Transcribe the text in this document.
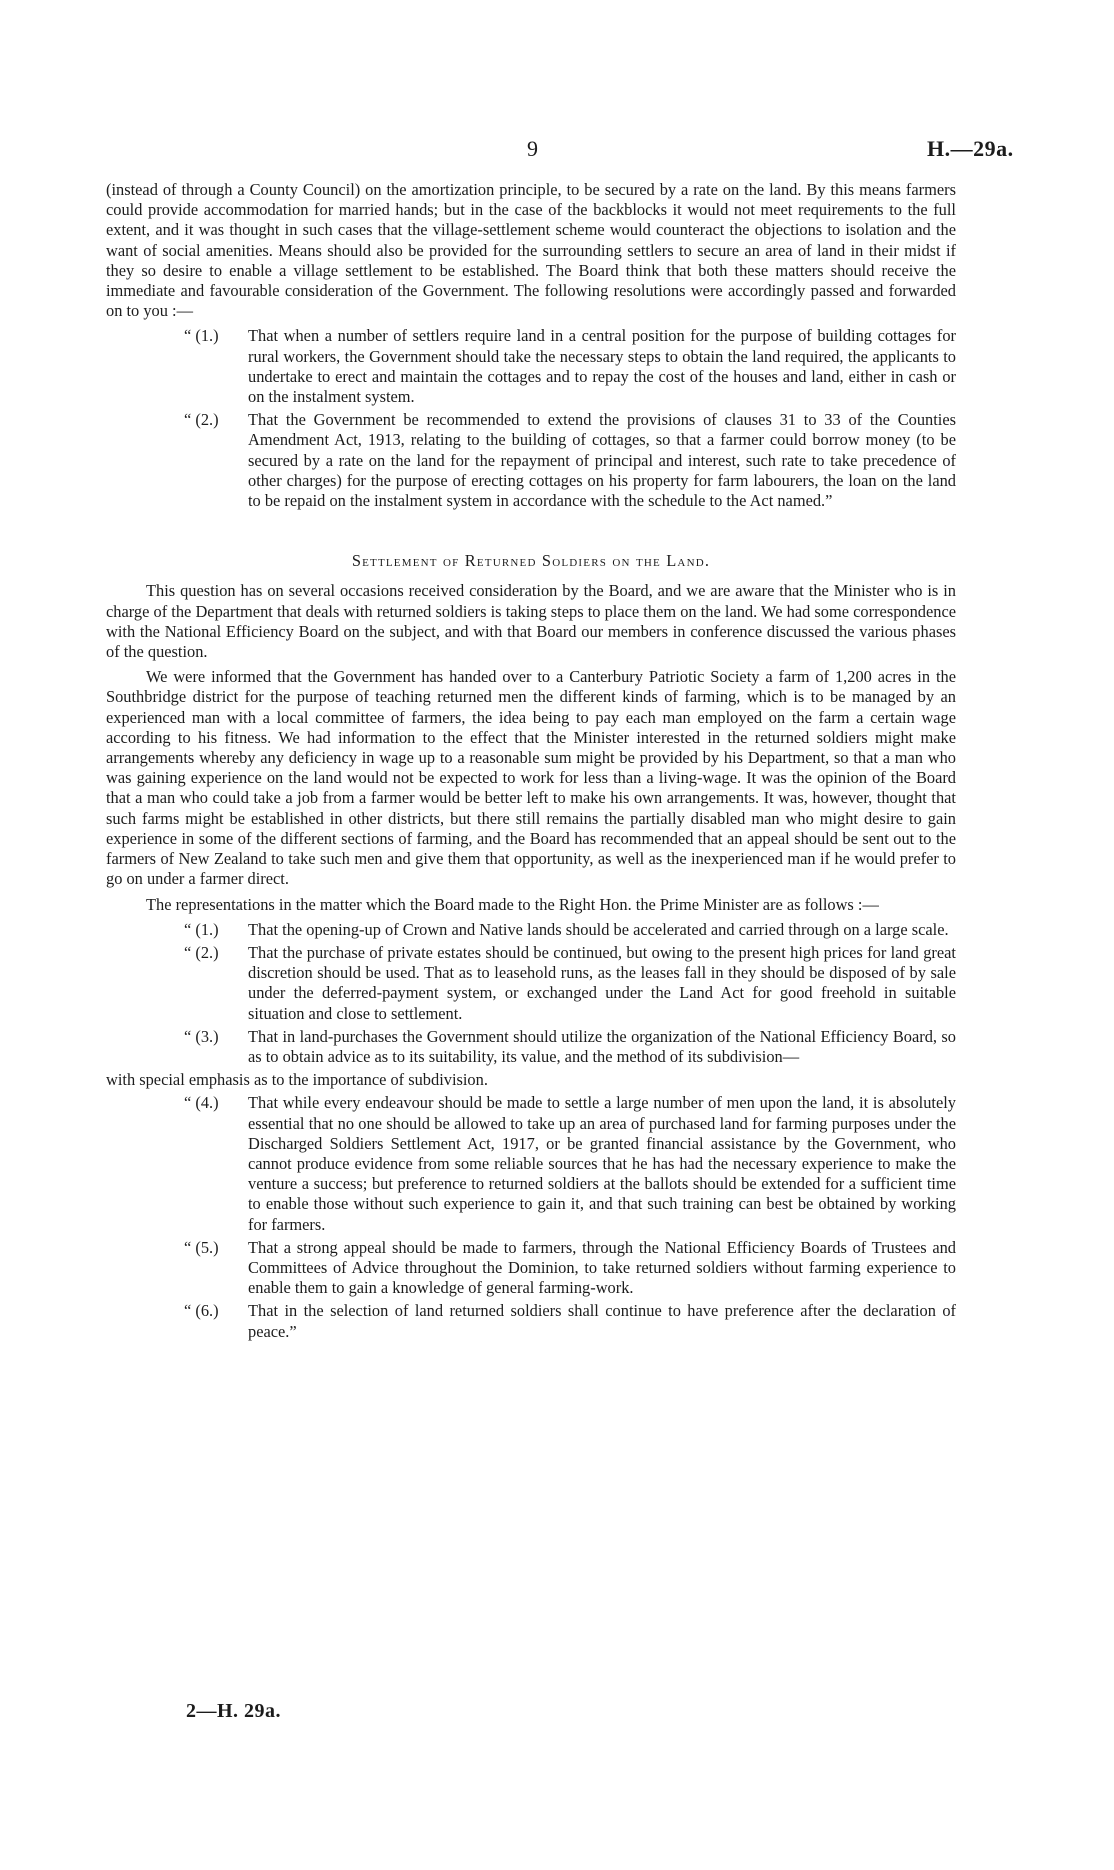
9	H.—29a.

(instead of through a County Council) on the amortization principle, to be secured by a rate on the land. By this means farmers could provide accommodation for married hands; but in the case of the backblocks it would not meet requirements to the full extent, and it was thought in such cases that the village-settlement scheme would counteract the objections to isolation and the want of social amenities. Means should also be provided for the surrounding settlers to secure an area of land in their midst if they so desire to enable a village settlement to be established. The Board think that both these matters should receive the immediate and favourable consideration of the Government. The following resolutions were accordingly passed and forwarded on to you :—

“ (1.)	That when a number of settlers require land in a central position for the purpose of building cottages for rural workers, the Government should take the necessary steps to obtain the land required, the applicants to undertake to erect and maintain the cottages and to repay the cost of the houses and land, either in cash or on the instalment system.
“ (2.)	That the Government be recommended to extend the provisions of clauses 31 to 33 of the Counties Amendment Act, 1913, relating to the building of cottages, so that a farmer could borrow money (to be secured by a rate on the land for the repayment of principal and interest, such rate to take precedence of other charges) for the purpose of erecting cottages on his property for farm labourers, the loan on the land to be repaid on the instalment system in accordance with the schedule to the Act named.”
Settlement of Returned Soldiers on the Land.

This question has on several occasions received consideration by the Board, and we are aware that the Minister who is in charge of the Department that deals with returned soldiers is taking steps to place them on the land. We had some correspondence with the National Efficiency Board on the subject, and with that Board our members in conference discussed the various phases of the question.

We were informed that the Government has handed over to a Canterbury Patriotic Society a farm of 1,200 acres in the Southbridge district for the purpose of teaching returned men the different kinds of farming, which is to be managed by an experienced man with a local committee of farmers, the idea being to pay each man employed on the farm a certain wage according to his fitness. We had information to the effect that the Minister interested in the returned soldiers might make arrangements whereby any deficiency in wage up to a reasonable sum might be provided by his Department, so that a man who was gaining experience on the land would not be expected to work for less than a living-wage. It was the opinion of the Board that a man who could take a job from a farmer would be better left to make his own arrangements. It was, however, thought that such farms might be established in other districts, but there still remains the partially disabled man who might desire to gain experience in some of the different sections of farming, and the Board has recommended that an appeal should be sent out to the farmers of New Zealand to take such men and give them that opportunity, as well as the inexperienced man if he would prefer to go on under a farmer direct.

The representations in the matter which the Board made to the Right Hon. the Prime Minister are as follows :—

“ (1.)	That the opening-up of Crown and Native lands should be accelerated and carried through on a large scale.
“ (2.)	That the purchase of private estates should be continued, but owing to the present high prices for land great discretion should be used. That as to leasehold runs, as the leases fall in they should be disposed of by sale under the deferred-payment system, or exchanged under the Land Act for good freehold in suitable situation and close to settlement.
“ (3.)	That in land-purchases the Government should utilize the organization of the National Efficiency Board, so as to obtain advice as to its suitability, its value, and the method of its subdivision—

with special emphasis as to the importance of subdivision.

“ (4.)	That while every endeavour should be made to settle a large number of men upon the land, it is absolutely essential that no one should be allowed to take up an area of purchased land for farming purposes under the Discharged Soldiers Settlement Act, 1917, or be granted financial assistance by the Government, who cannot produce evidence from some reliable sources that he has had the necessary experience to make the venture a success; but preference to returned soldiers at the ballots should be extended for a sufficient time to enable those without such experience to gain it, and that such training can best be obtained by working for farmers.
“ (5.)	That a strong appeal should be made to farmers, through the National Efficiency Boards of Trustees and Committees of Advice throughout the Dominion, to take returned soldiers without farming experience to enable them to gain a knowledge of general farming-work.
“ (6.)	That in the selection of land returned soldiers shall continue to have preference after the declaration of peace.”
2—H. 29a.
